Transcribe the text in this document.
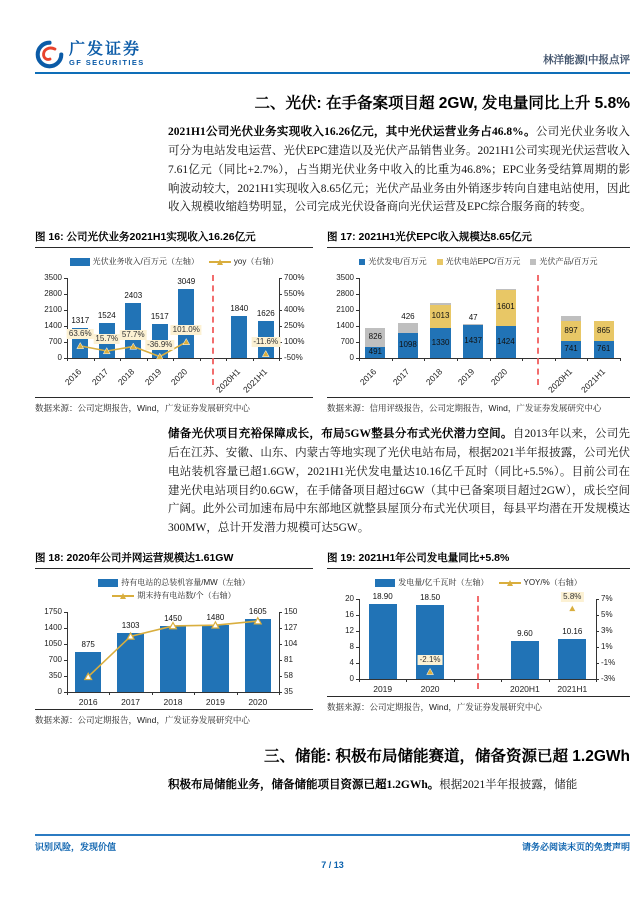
广发证券
GF SECURITIES	林洋能源|中报点评
二、光伏: 在手备案项目超 2GW, 发电量同比上升 5.8%

2021H1公司光伏业务实现收入16.26亿元，其中光伏运营业务占46.8%。公司光伏业务收入可分为电站发电运营、光伏EPC建造以及光伏产品销售业务。2021H1公司实现光伏运营收入7.61亿元（同比+2.7%），占当期光伏业务中收入的比重为46.8%；EPC业务受结算周期的影响波动较大，2021H1实现收入8.65亿元；光伏产品业务由外销逐步转向自建电站使用，因此收入规模收缩趋势明显，公司完成光伏设备商向光伏运营及EPC综合服务商的转变。

图 16: 公司光伏业务2021H1实现收入16.26亿元
光伏业务收入/百万元（左轴）	yoy（右轴）
3500
2800
2100
1400
700
0
700%
550%
400%
250%
100%
-50%
1317
1524
2403
1517
3049
1840
1626
63.6%
15.7% 57.7%
-36.9%
101.0%
-11.6%
2016 2017 2018 2019 2020	2020H1
2021H1
数据来源：公司定期报告，Wind，广发证券发展研究中心
图 17: 2021H1光伏EPC收入规模达8.65亿元
光伏发电/百万元 光伏电站EPC/百万元 光伏产品/百万元
3500
2800
2100
1400
700
0
491
826
1098
426
1330
1013
1437
47
1424
1601
741
897
761
865
2016 2017 2018 2019 2020	2020H1 2021H1
数据来源：信用评级报告，公司定期报告，Wind，广发证券发展研究中心

储备光伏项目充裕保障成长，布局5GW整县分布式光伏潜力空间。自2013年以来，公司先后在江苏、安徽、山东、内蒙古等地实现了光伏电站布局，根据2021半年报披露，公司光伏电站装机容量已超1.6GW，2021H1光伏发电量达10.16亿千瓦时（同比+5.5%）。目前公司在建光伏电站项目约0.6GW，在手储备项目超过6GW（其中已备案项目超过2GW），成长空间广阔。此外公司加速布局中东部地区就整县屋顶分布式光伏项目，每县平均潜在开发规模达300MW，总计开发潜力规模可达5GW。

图 18: 2020年公司并网运营规模达1.61GW
持有电站的总装机容量/MW（左轴）
期末持有电站数/个（右轴）
1750
1400
1050
700
350
0
150
127
104
81
58
35
875
1303
1450	1480
1605
2016	2017	2018	2019	2020
数据来源：公司定期报告，Wind，广发证券发展研究中心
图 19: 2021H1年公司发电量同比+5.8%
发电量/亿千瓦时（左轴）	YOY/%（右轴）
20
16
12
8
4
0
7%
5%
3%
1%
-1%
-3%
18.90	18.50
9.60	10.16
-2.1%
5.8%
2019	2020	2020H1	2021H1
数据来源：公司定期报告，Wind，广发证券发展研究中心
三、储能: 积极布局储能赛道，储备资源已超 1.2GWh

积极布局储能业务，储备储能项目资源已超1.2GWh。根据2021半年报披露，储能

识别风险，发现价值	请务必阅读末页的免责声明
7 / 13
